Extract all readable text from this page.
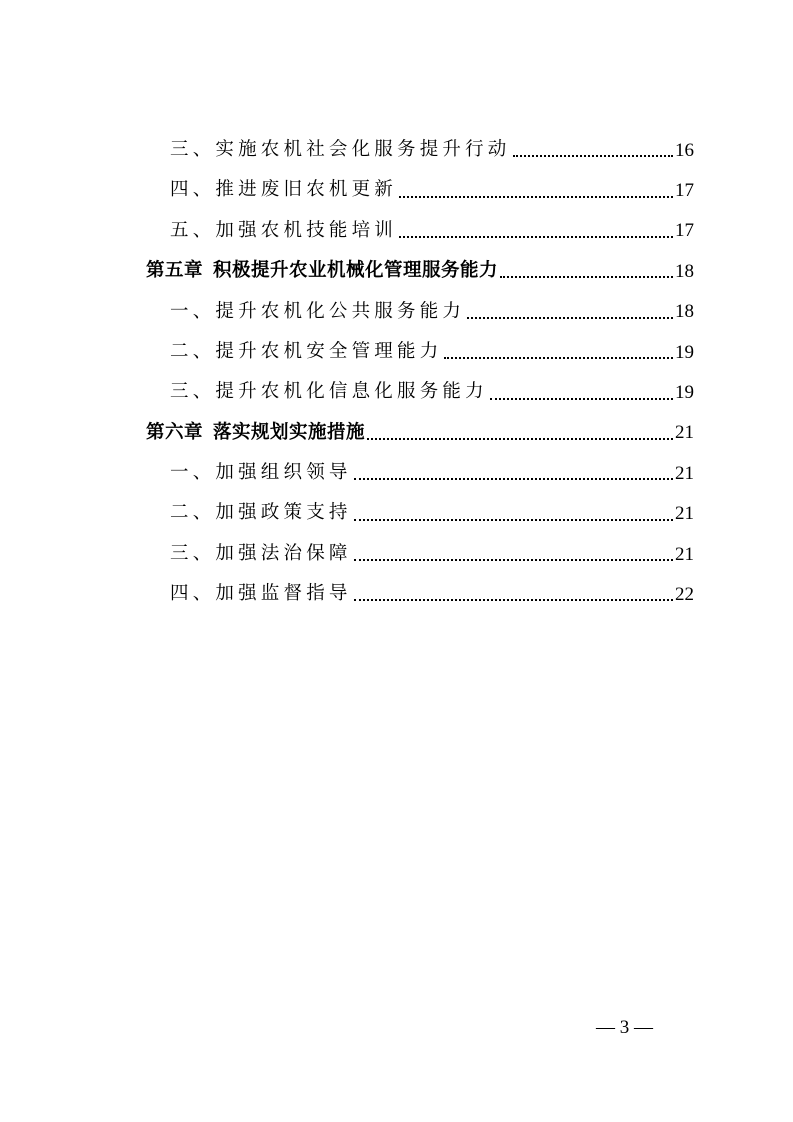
三、实施农机社会化服务提升行动	16
四、推进废旧农机更新	17
五、加强农机技能培训	17
第五章 积极提升农业机械化管理服务能力	18
一、提升农机化公共服务能力	18
二、提升农机安全管理能力	19
三、提升农机化信息化服务能力	19
第六章 落实规划实施措施	21
一、加强组织领导	21
二、加强政策支持	21
三、加强法治保障	21
四、加强监督指导	22
— 3 —
